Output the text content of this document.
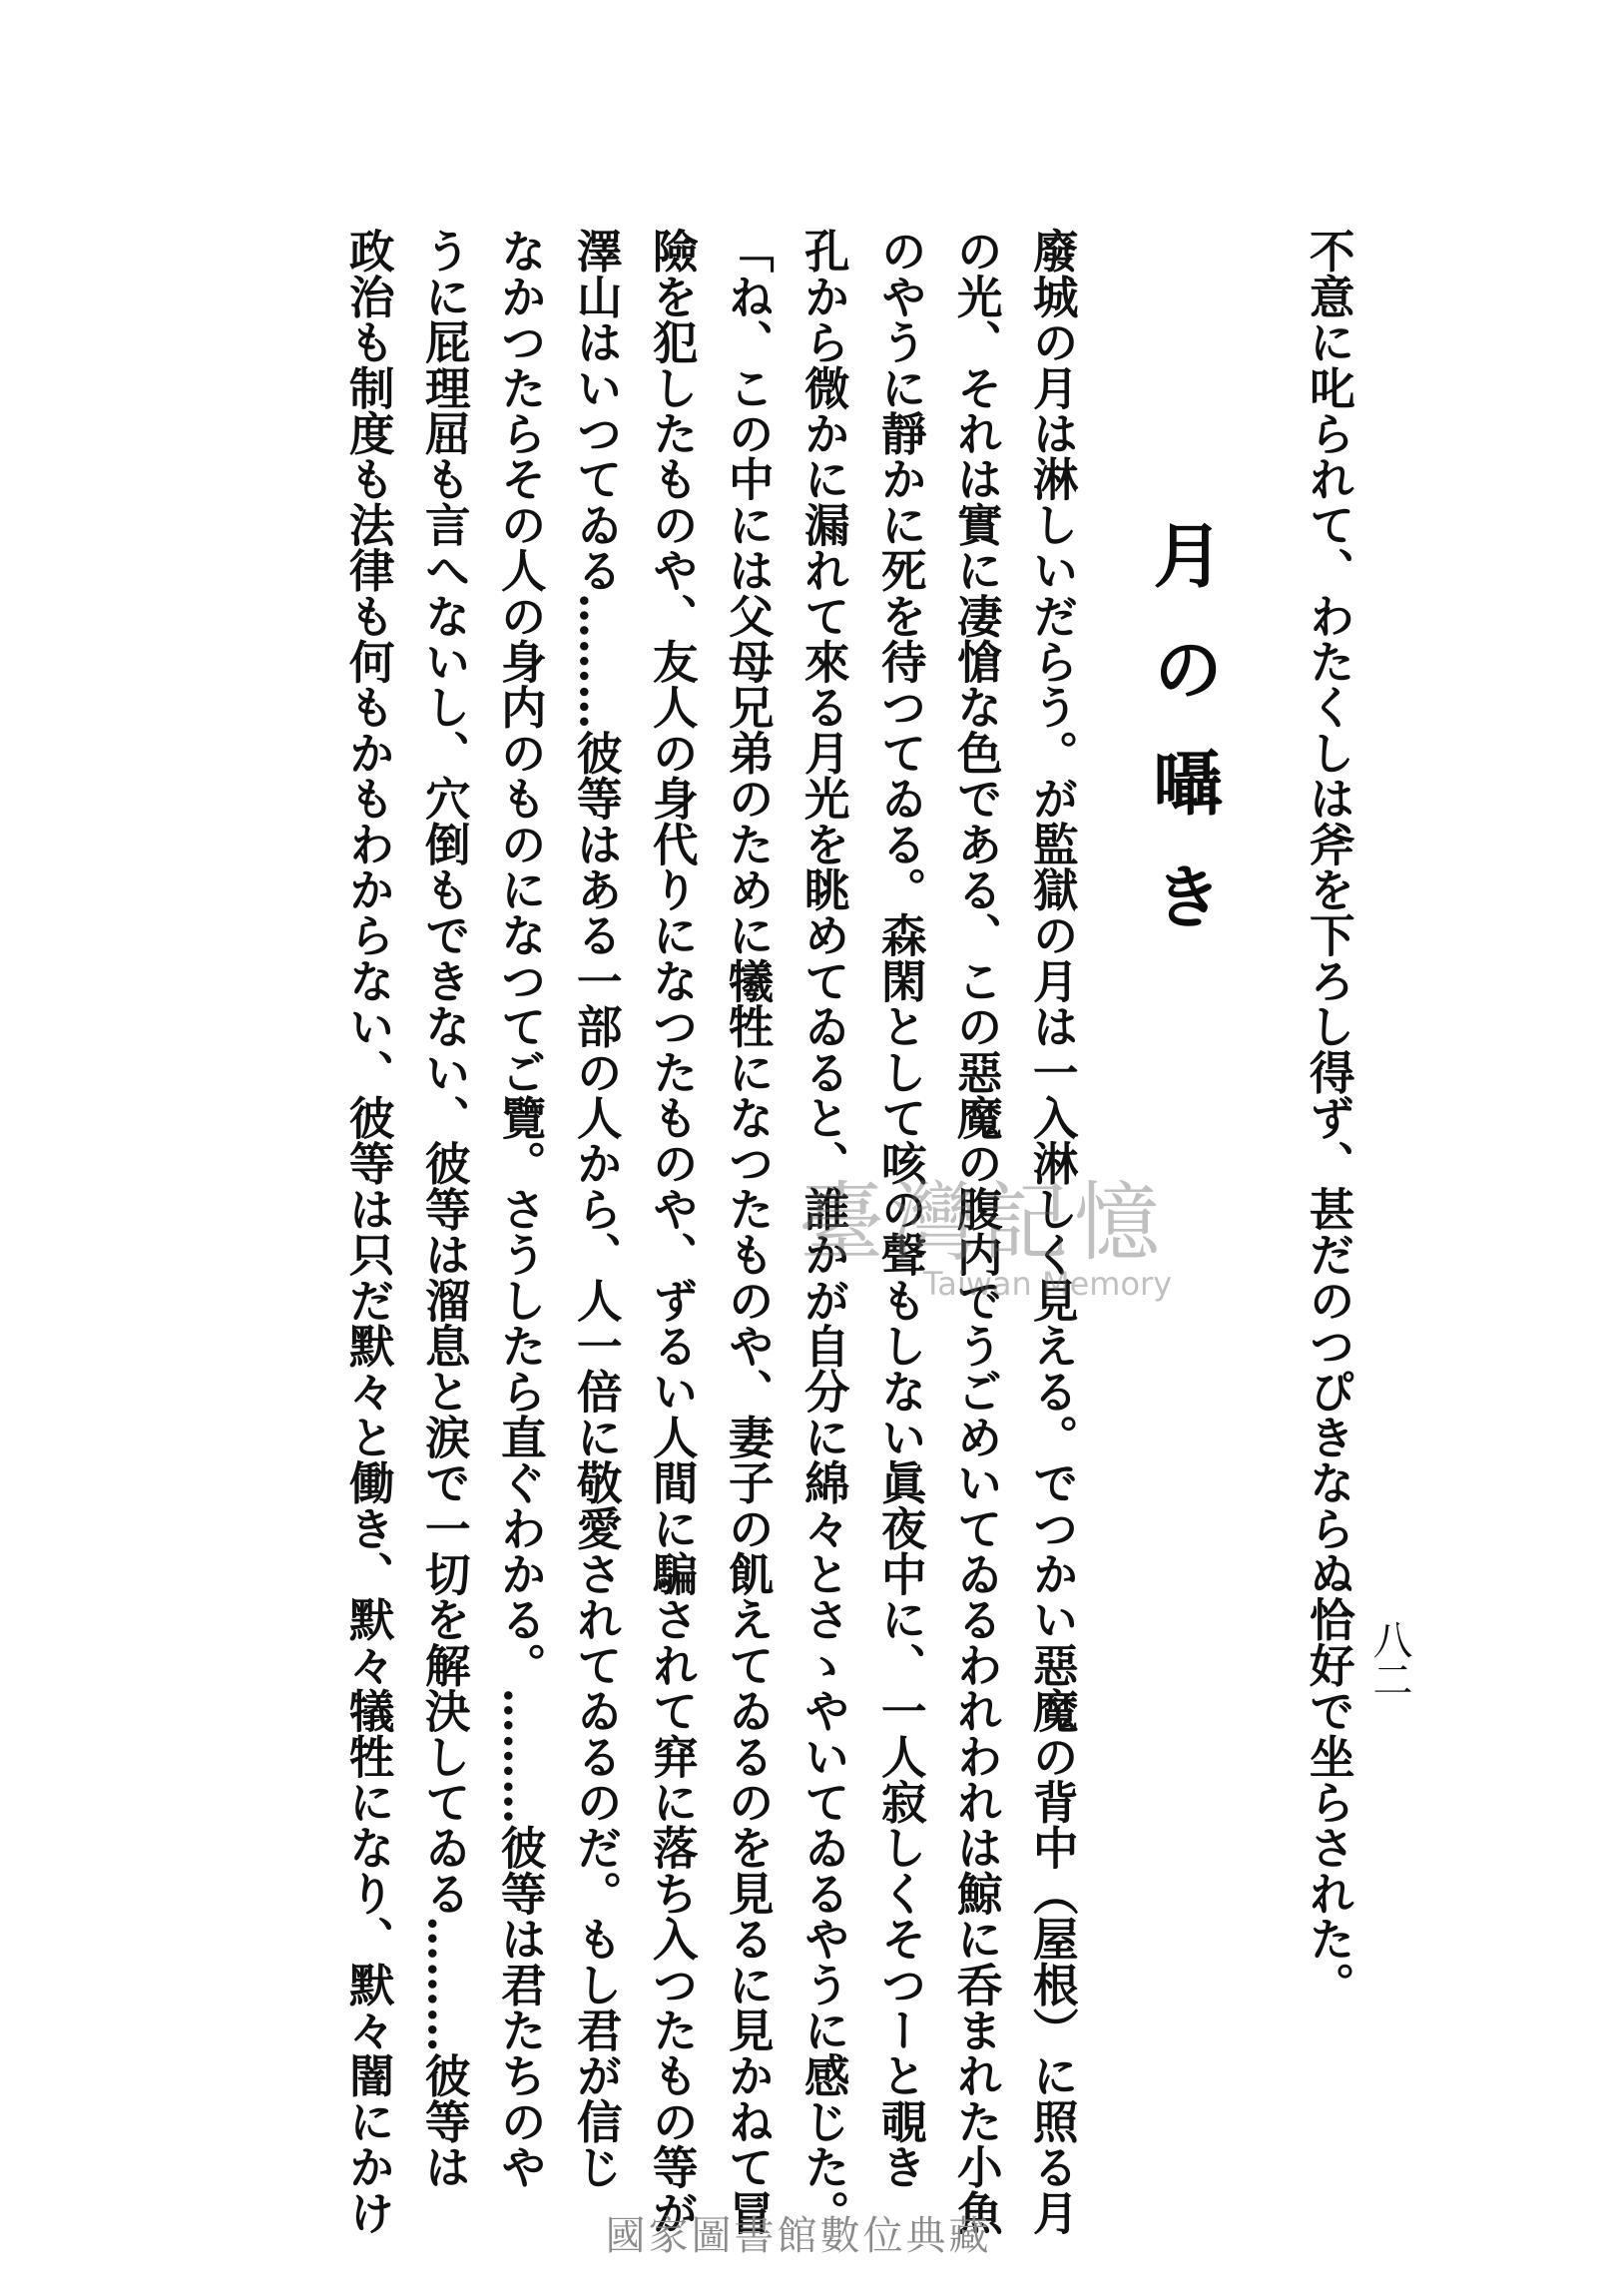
八二
不意に叱られて、わたくしは斧を下ろし得ず、甚だのつぴきならぬ恰好で坐らされた。
月の囁き
廢城の月は淋しいだらう。が監獄の月は一入淋しく見える。でつかい惡魔の背中（屋根）に照る月
の光、それは實に凄愴な色である、この惡魔の腹内でうごめいてゐるわれわれは鯨に呑まれた小魚
のやうに靜かに死を待つてゐる。森閑として咳の聲もしない眞夜中に、一人寂しくそつーと覗き
孔から微かに漏れて來る月光を眺めてゐると、誰かが自分に綿々とさゝやいてゐるやうに感じた。
「ね、この中には父母兄弟のために犧牲になつたものや、妻子の飢えてゐるのを見るに見かねて冒
險を犯したものや、友人の身代りになつたものや、ずるい人間に騙されて穽に落ち入つたもの等が
澤山はいつてゐる………彼等はある一部の人から、人一倍に敬愛されてゐるのだ。もし君が信じ
なかつたらその人の身内のものになつてご覽。さうしたら直ぐわかる。………彼等は君たちのや
うに屁理屈も言へないし、穴倒もできない、彼等は溜息と涙で一切を解決してゐる………彼等は
政治も制度も法律も何もかもわからない、彼等は只だ默々と働き、默々犠牲になり、默々闇にかけ	臺灣記憶
Taiwan Memory
國家圖書館數位典藏
